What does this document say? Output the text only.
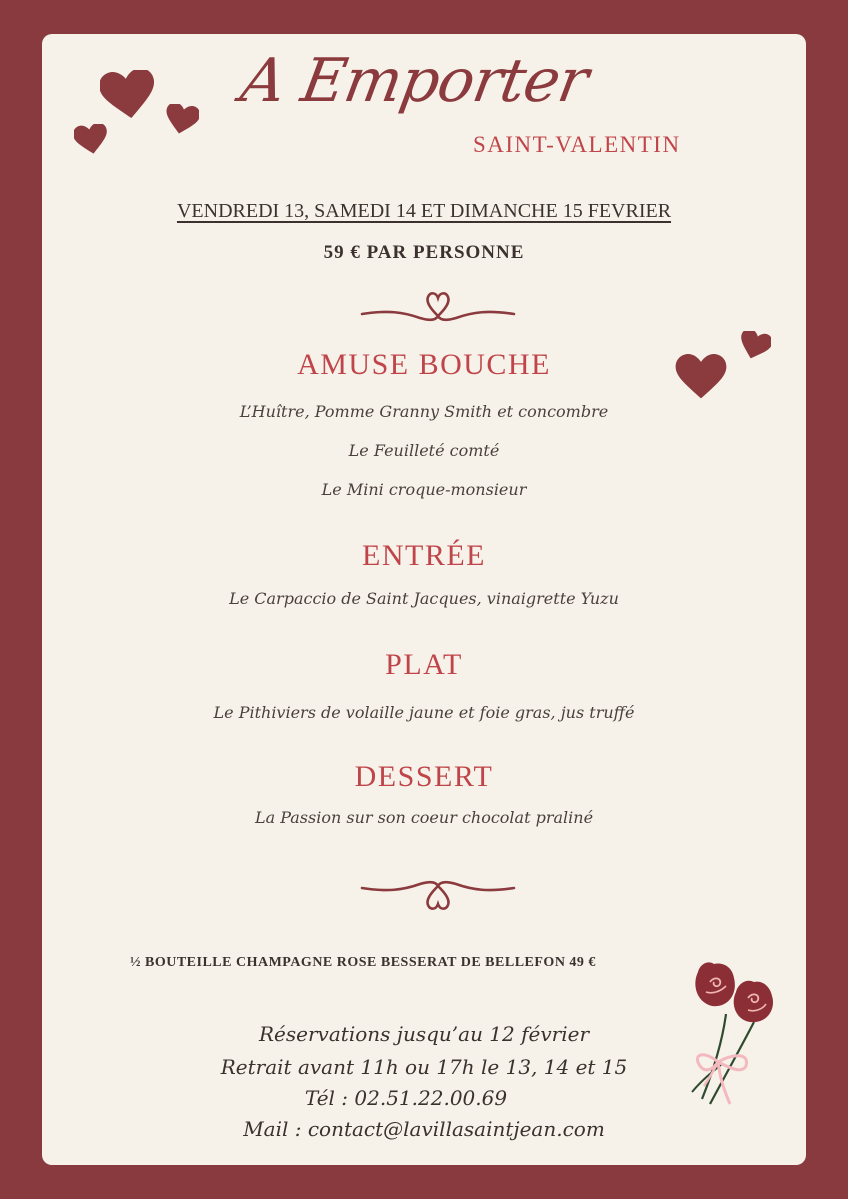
A Emporter
SAINT-VALENTIN
VENDREDI 13, SAMEDI 14 ET DIMANCHE 15 FEVRIER
59 € PAR PERSONNE
AMUSE BOUCHE
L’Huître, Pomme Granny Smith et concombre
Le Feuilleté comté
Le Mini croque-monsieur
ENTRÉE
Le Carpaccio de Saint Jacques, vinaigrette Yuzu
PLAT
Le Pithiviers de volaille jaune et foie gras, jus truffé
DESSERT
La Passion sur son coeur chocolat praliné
½ BOUTEILLE CHAMPAGNE ROSE BESSERAT DE BELLEFON 49 €
Réservations jusqu’au 12 février
Retrait avant 11h ou 17h le 13, 14 et 15
Tél : 02.51.22.00.69
Mail : contact@lavillasaintjean.com
